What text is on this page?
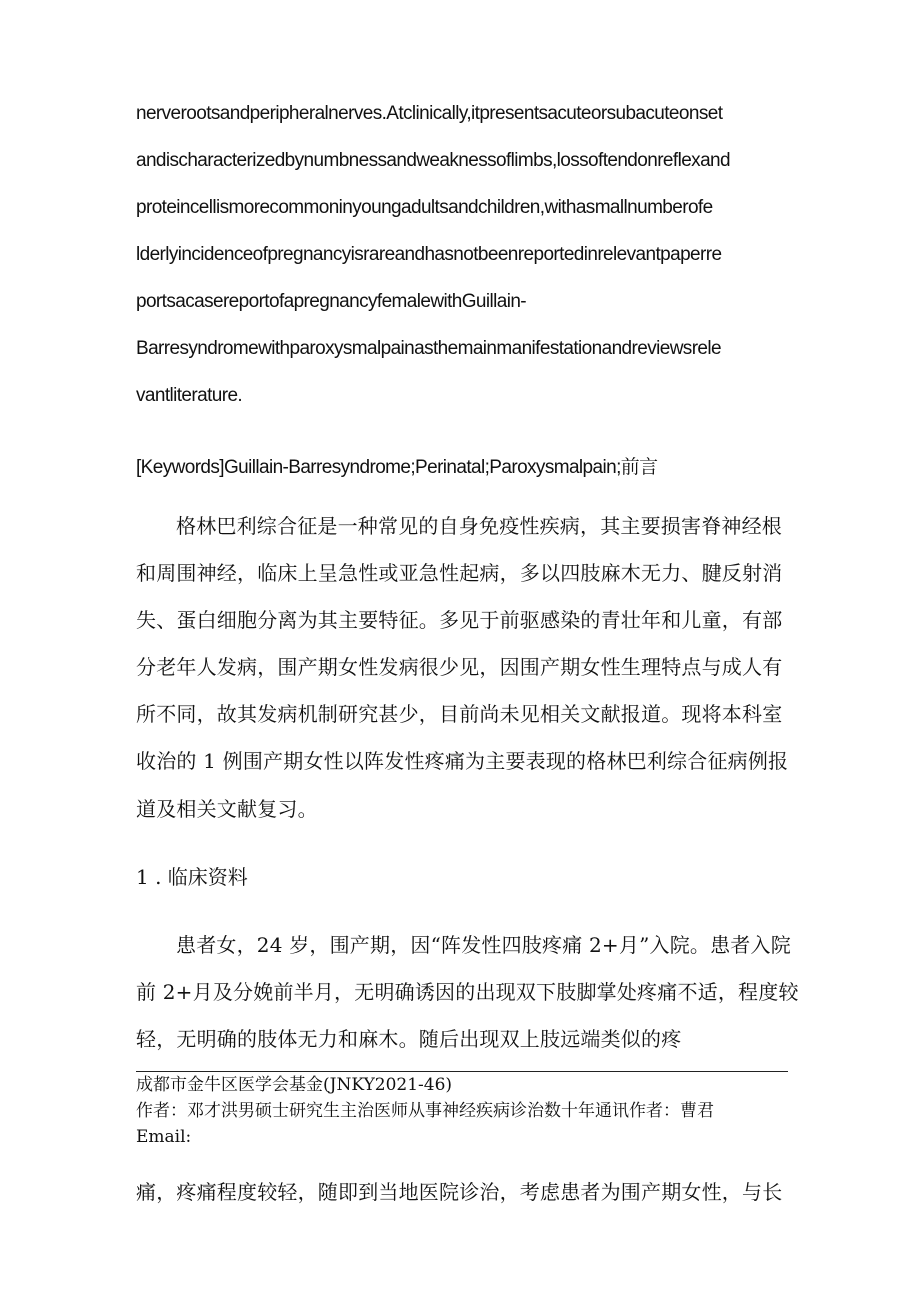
nerverootsandperipheralnerves.Atclinically,itpresentsacuteorsubacuteonset
andischaracterizedbynumbnessandweaknessoflimbs,lossoftendonreflexand
proteincellismorecommoninyoungadultsandchildren,withasmallnumberofe
lderlyincidenceofpregnancyisrareandhasnotbeenreportedinrelevantpaperre
portsacasereportofapregnancyfemalewithGuillain-
Barresyndromewithparoxysmalpainasthemainmanifestationandreviewsrele
vantliterature.
[Keywords]Guillain-Barresyndrome;Perinatal;Paroxysmalpain;前言
格林巴利综合征是一种常见的自身免疫性疾病，其主要损害脊神经根
和周围神经，临床上呈急性或亚急性起病，多以四肢麻木无力、腱反射消
失、蛋白细胞分离为其主要特征。多见于前驱感染的青壮年和儿童，有部
分老年人发病，围产期女性发病很少见，因围产期女性生理特点与成人有
所不同，故其发病机制研究甚少，目前尚未见相关文献报道。现将本科室
收治的 1 例围产期女性以阵发性疼痛为主要表现的格林巴利综合征病例报
道及相关文献复习。
1 . 临床资料
患者女，24 岁，围产期，因“阵发性四肢疼痛 2+月”入院。患者入院
前 2+月及分娩前半月，无明确诱因的出现双下肢脚掌处疼痛不适，程度较
轻，无明确的肢体无力和麻木。随后出现双上肢远端类似的疼
成都市金牛区医学会基金(JNKY2021-46)
作者：邓才洪男硕士研究生主治医师从事神经疾病诊治数十年通讯作者：曹君
Email:
痛，疼痛程度较轻，随即到当地医院诊治，考虑患者为围产期女性，与长
